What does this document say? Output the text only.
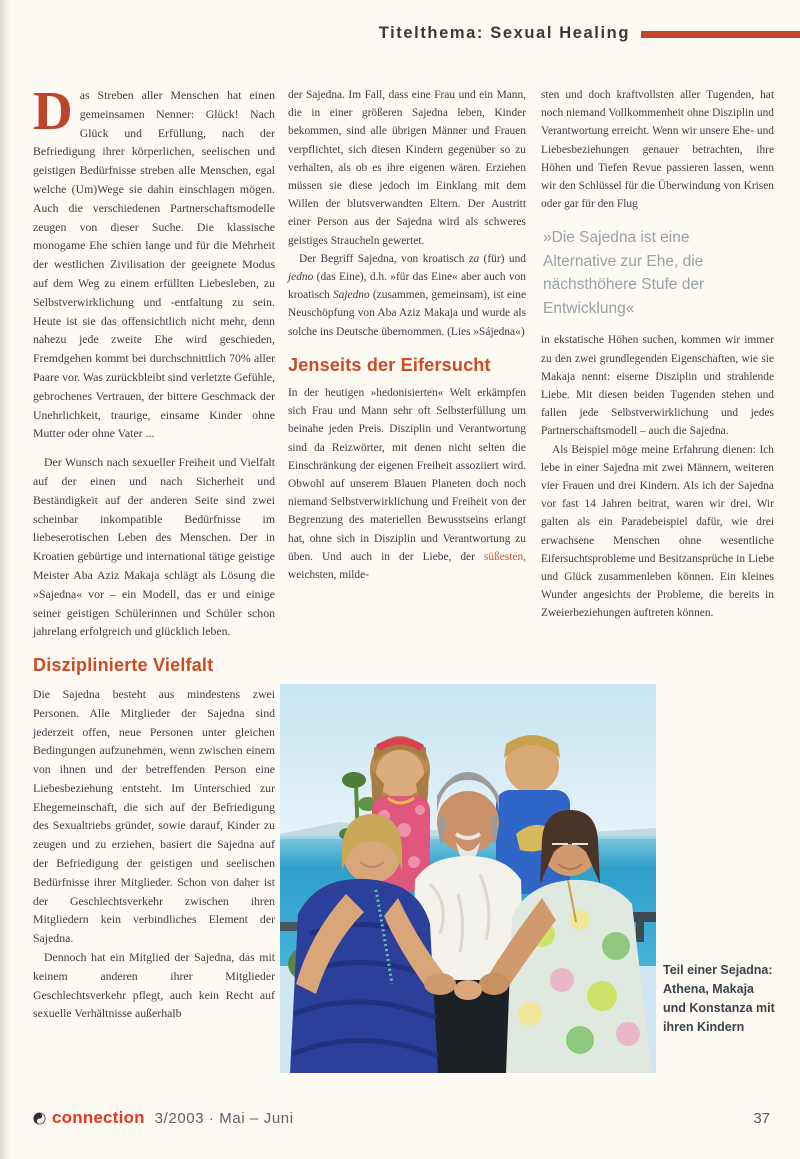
Titelthema: Sexual Healing

Das Streben aller Menschen hat einen gemeinsamen Nenner: Glück! Nach Glück und Erfüllung, nach der Befriedigung ihrer körperlichen, seelischen und geistigen Bedürfnisse streben alle Menschen, egal welche (Um)Wege sie dahin einschlagen mögen. Auch die verschiedenen Partnerschaftsmodelle zeugen von dieser Suche. Die klassische monogame Ehe schien lange und für die Mehrheit der westlichen Zivilisation der geeignete Modus auf dem Weg zu einem erfüllten Liebesleben, zu Selbstverwirklichung und -entfaltung zu sein. Heute ist sie das offensichtlich nicht mehr, denn nahezu jede zweite Ehe wird geschieden, Fremdgehen kommt bei durchschnittlich 70% aller Paare vor. Was zurückbleibt sind verletzte Gefühle, gebrochenes Vertrauen, der bittere Geschmack der Unehrlichkeit, traurige, einsame Kinder ohne Mutter oder ohne Vater ...

Der Wunsch nach sexueller Freiheit und Vielfalt auf der einen und nach Sicherheit und Beständigkeit auf der anderen Seite sind zwei scheinbar inkompatible Bedürfnisse im liebeserotischen Leben des Menschen. Der in Kroatien gebürtige und international tätige geistige Meister Aba Aziz Makaja schlägt als Lösung die »Sajedna« vor – ein Modell, das er und einige seiner geistigen Schülerinnen und Schüler schon jahrelang erfolgreich und glücklich leben.

Disziplinierte Vielfalt

Die Sajedna besteht aus mindestens zwei Personen. Alle Mitglieder der Sajedna sind jederzeit offen, neue Personen unter gleichen Bedingungen aufzunehmen, wenn zwischen einem von ihnen und der betreffenden Person eine Liebesbeziehung entsteht. Im Unterschied zur Ehegemeinschaft, die sich auf der Befriedigung des Sexualtriebs gründet, sowie darauf, Kinder zu zeugen und zu erziehen, basiert die Sajedna auf der Befriedigung der geistigen und seelischen Bedürfnisse ihrer Mitglieder. Schon von daher ist der Geschlechtsverkehr zwischen ihren Mitgliedern kein verbindliches Element der Sajedna.

Dennoch hat ein Mitglied der Sajedna, das mit keinem anderen ihrer Mitglieder Geschlechtsverkehr pflegt, auch kein Recht auf sexuelle Verhältnisse außerhalb

der Sajedna. Im Fall, dass eine Frau und ein Mann, die in einer größeren Sajedna leben, Kinder bekommen, sind alle übrigen Männer und Frauen verpflichtet, sich diesen Kindern gegenüber so zu verhalten, als ob es ihre eigenen wären. Erziehen müssen sie diese jedoch im Einklang mit dem Willen der blutsverwandten Eltern. Der Austritt einer Person aus der Sajedna wird als schweres geistiges Straucheln gewertet.

Der Begriff Sajedna, von kroatisch za (für) und jedno (das Eine), d.h. »für das Eine« aber auch von kroatisch Sajedno (zusammen, gemeinsam), ist eine Neuschöpfung von Aba Aziz Makaja und wurde als solche ins Deutsche übernommen. (Lies »Sájedna«)

Jenseits der Eifersucht

In der heutigen »hedonisierten« Welt erkämpfen sich Frau und Mann sehr oft Selbsterfüllung um beinahe jeden Preis. Disziplin und Verantwortung sind da Reizwörter, mit denen nicht selten die Einschränkung der eigenen Freiheit assoziiert wird. Obwohl auf unserem Blauen Planeten doch noch niemand Selbstverwirklichung und Freiheit von der Begrenzung des materiellen Bewusstseins erlangt hat, ohne sich in Disziplin und Verantwortung zu üben. Und auch in der Liebe, der süßesten, weichsten, milde-

sten und doch kraftvollsten aller Tugenden, hat noch niemand Vollkommenheit ohne Disziplin und Verantwortung erreicht. Wenn wir unsere Ehe- und Liebesbeziehungen genauer betrachten, ihre Höhen und Tiefen Revue passieren lassen, wenn wir den Schlüssel für die Überwindung von Krisen oder gar für den Flug

»Die Sajedna ist eine Alternative zur Ehe, die nächsthöhere Stufe der Entwicklung«

in ekstatische Höhen suchen, kommen wir immer zu den zwei grundlegenden Eigenschaften, wie sie Makaja nennt: eiserne Disziplin und strahlende Liebe. Mit diesen beiden Tugenden stehen und fallen jede Selbstverwirklichung und jedes Partnerschaftsmodell – auch die Sajedna.

Als Beispiel möge meine Erfahrung dienen: Ich lebe in einer Sajedna mit zwei Männern, weiteren vier Frauen und drei Kindern. Als ich der Sajedna vor fast 14 Jahren beitrat, waren wir drei. Wir galten als ein Paradebeispiel dafür, wie drei erwachsene Menschen ohne wesentliche Eifersuchtsprobleme und Besitzansprüche in Liebe und Glück zusammenleben können. Ein kleines Wunder angesichts der Probleme, die bereits in Zweierbeziehungen auftreten können.

Teil einer Sejadna: Athena, Makaja und Konstanza mit ihren Kindern
connection 3/2003 · Mai – Juni	37
